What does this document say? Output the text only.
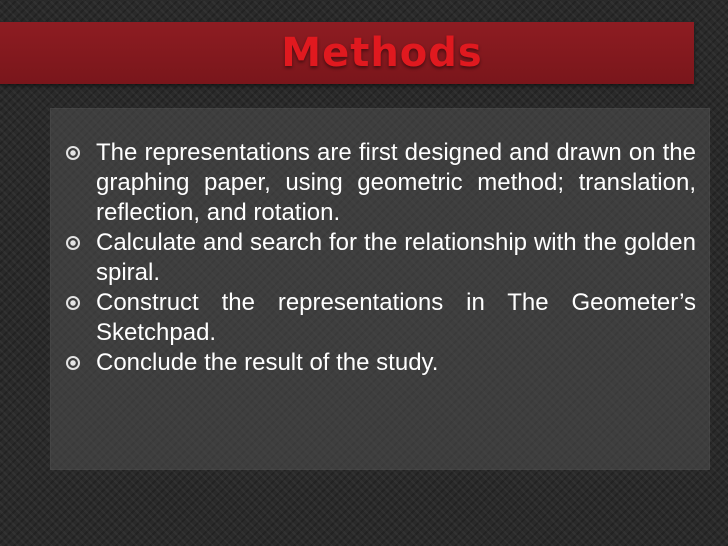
Methods
The representations are first designed and drawn on the graphing paper, using geometric method; translation, reflection, and rotation.
Calculate and search for the relationship with the golden spiral.
Construct the representations in The Geometer’s Sketchpad.
Conclude the result of the study.
